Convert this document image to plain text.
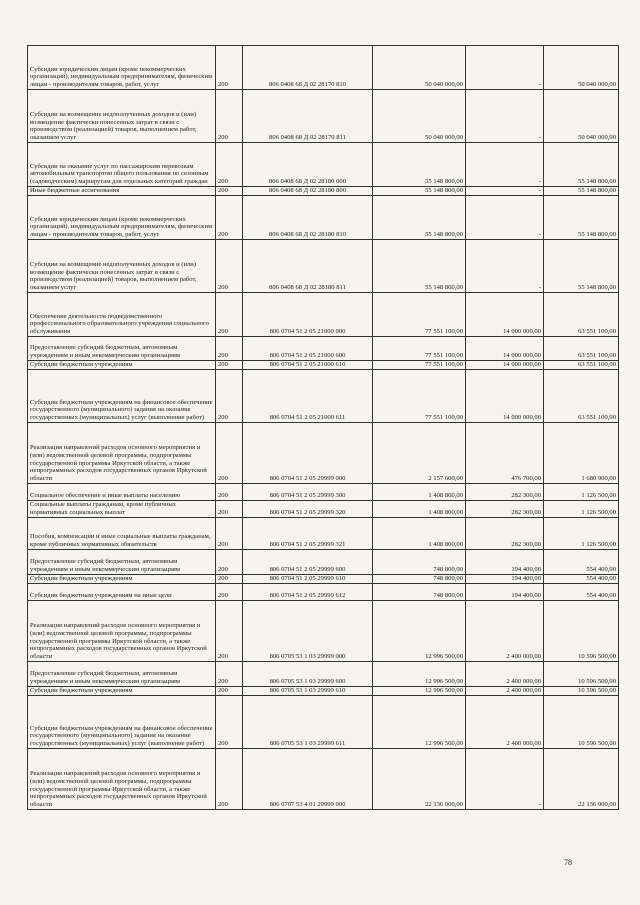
Субсидии юридическим лицам (кроме некоммерческих организаций), индивидуальным предпринимателям, физическим лицам - производителям товаров, работ, услуг	200	806 0408 68 Д 02 28170 810	50 040 000,00	-	50 040 000,00
Субсидии на возмещение недополученных доходов и (или) возмещение фактически понесенных затрат в связи с производством (реализацией) товаров, выполнением работ, оказанием услуг	200	806 0408 68 Д 02 28170 811	50 040 000,00	-	50 040 000,00
Субсидии на оказание услуг по пассажирским перевозкам автомобильным транспортом общего пользования по сезонным (садоводческим) маршрутам для отдельных категорий граждан	200	806 0408 68 Д 02 28180 000	55 148 800,00	-	55 148 800,00
Иные бюджетные ассигнования	200	806 0408 68 Д 02 28180 800	55 148 800,00	-	55 148 800,00
Субсидии юридическим лицам (кроме некоммерческих организаций), индивидуальным предпринимателям, физическим лицам - производителям товаров, работ, услуг	200	806 0408 68 Д 02 28180 810	55 148 800,00	-	55 148 800,00
Субсидии на возмещение недополученных доходов и (или) возмещение фактически понесенных затрат в связи с производством (реализацией) товаров, выполнением работ, оказанием услуг	200	806 0408 68 Д 02 28180 811	55 148 800,00	-	55 148 800,00
Обеспечение деятельности подведомственного профессионального образовательного учреждения социального обслуживания	200	806 0704 51 2 05 21000 000	77 551 100,00	14 000 000,00	63 551 100,00
Предоставление субсидий бюджетным, автономным учреждениям и иным некоммерческим организациям	200	806 0704 51 2 05 21000 600	77 551 100,00	14 000 000,00	63 551 100,00
Субсидии бюджетным учреждениям	200	806 0704 51 2 05 21000 610	77 551 100,00	14 000 000,00	63 551 100,00
Субсидии бюджетным учреждениям на финансовое обеспечение государственного (муниципального) задания на оказание государственных (муниципальных) услуг (выполнение работ)	200	806 0704 51 2 05 21000 611	77 551 100,00	14 000 000,00	63 551 100,00
Реализация направлений расходов основного мероприятия и (или) ведомственной целевой программы, подпрограммы государственной программы Иркутской области, а также непрограммных расходов государственных органов Иркутской области	200	806 0704 51 2 05 29999 000	2 157 600,00	476 700,00	1 680 900,00
Социальное обеспечение и иные выплаты населению	200	806 0704 51 2 05 29999 300	1 408 800,00	282 300,00	1 126 500,00
Социальные выплаты гражданам, кроме публичных нормативных социальных выплат	200	806 0704 51 2 05 29999 320	1 408 800,00	282 300,00	1 126 500,00
Пособия, компенсации и иные социальные выплаты гражданам, кроме публичных нормативных обязательств	200	806 0704 51 2 05 29999 321	1 408 800,00	282 300,00	1 126 500,00
Предоставление субсидий бюджетным, автономным учреждениям и иным некоммерческим организациям	200	806 0704 51 2 05 29999 600	748 800,00	194 400,00	554 400,00
Субсидии бюджетным учреждениям	200	806 0704 51 2 05 29999 610	748 800,00	194 400,00	554 400,00
Субсидии бюджетным учреждениям на иные цели	200	806 0704 51 2 05 29999 612	748 800,00	194 400,00	554 400,00
Реализация направлений расходов основного мероприятия и (или) ведомственной целевой программы, подпрограммы государственной программы Иркутской области, а также непрограммных расходов государственных органов Иркутской области	200	806 0705 53 1 03 29999 000	12 996 500,00	2 400 000,00	10 596 500,00
Предоставление субсидий бюджетным, автономным учреждениям и иным некоммерческим организациям	200	806 0705 53 1 03 29999 600	12 996 500,00	2 400 000,00	10 596 500,00
Субсидии бюджетным учреждениям	200	806 0705 53 1 03 29999 610	12 996 500,00	2 400 000,00	10 596 500,00
Субсидии бюджетным учреждениям на финансовое обеспечение государственного (муниципального) задания на оказание государственных (муниципальных) услуг (выполнение работ)	200	806 0705 53 1 03 29999 611	12 996 500,00	2 400 000,00	10 596 500,00
Реализация направлений расходов основного мероприятия и (или) ведомственной целевой программы, подпрограммы государственной программы Иркутской области, а также непрограммных расходов государственных органов Иркутской области	200	806 0707 53 4 01 29999 000	22 136 000,00	-	22 136 000,00
78
